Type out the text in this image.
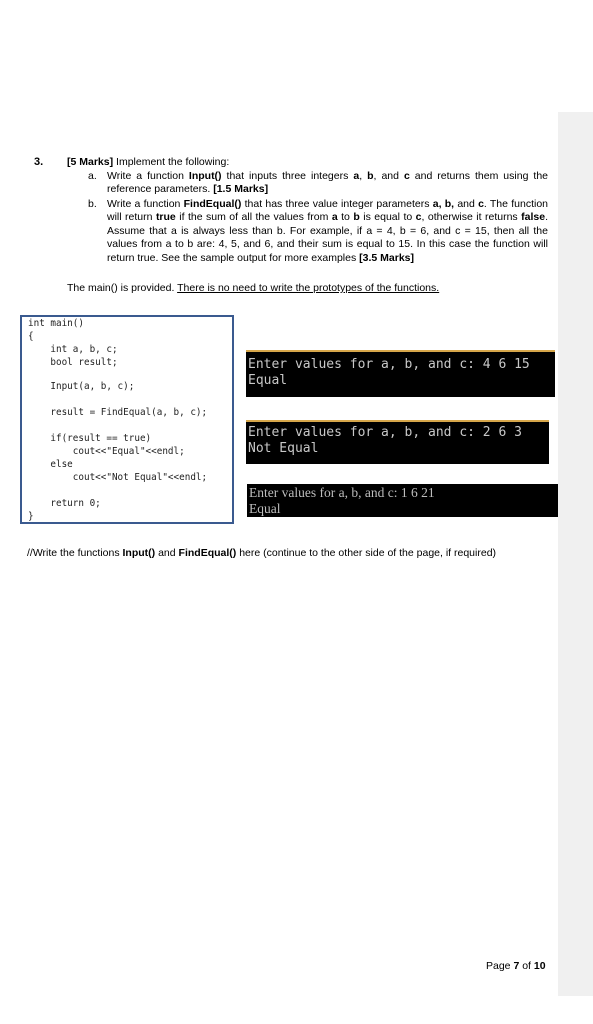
3. [5 Marks] Implement the following:
a. Write a function Input() that inputs three integers a, b, and c and returns them using the reference parameters. [1.5 Marks]
b. Write a function FindEqual() that has three value integer parameters a, b, and c. The function will return true if the sum of all the values from a to b is equal to c, otherwise it returns false. Assume that a is always less than b. For example, if a = 4, b = 6, and c = 15, then all the values from a to b are: 4, 5, and 6, and their sum is equal to 15. In this case the function will return true. See the sample output for more examples [3.5 Marks]
The main() is provided. There is no need to write the prototypes of the functions.
int main()
{
int a, b, c;
bool result;
Input(a, b, c);
result = FindEqual(a, b, c);
if(result == true)
cout<<"Equal"<<endl;
else
cout<<"Not Equal"<<endl;
return 0;
}
Enter values for a, b, and c: 4 6 15
Equal
Enter values for a, b, and c: 2 6 3
Not Equal
Enter values for a, b, and c: 1 6 21
Equal
//Write the functions Input() and FindEqual() here (continue to the other side of the page, if required)
Page 7 of 10
